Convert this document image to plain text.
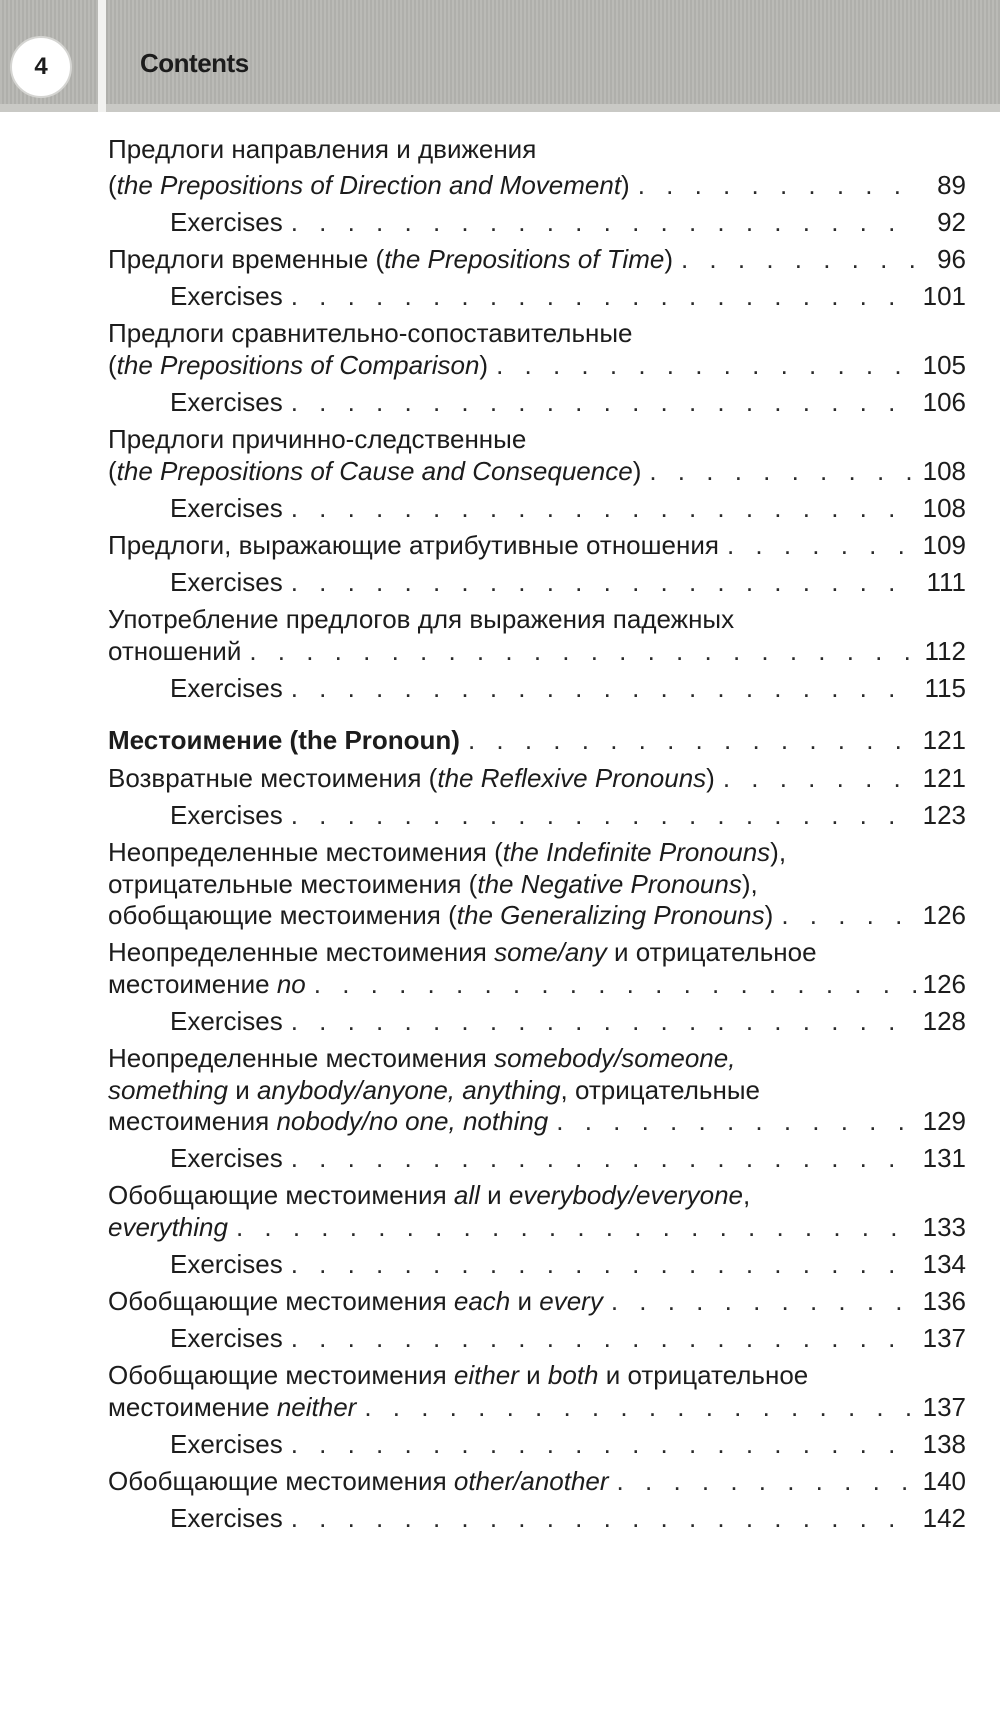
4	Contents
Предлоги направления и движения
(the Prepositions of Direction and Movement) . . .	89
Exercises . . .	92
Предлоги временные (the Prepositions of Time) . . .	96
Exercises . . .	101
Предлоги сравнительно-сопоставительные
(the Prepositions of Comparison) . . .	105
Exercises . . .	106
Предлоги причинно-следственные
(the Prepositions of Cause and Consequence) . . .	108
Exercises . . .	108
Предлоги, выражающие атрибутивные отношения . . .	109
Exercises . . .	111
Употребление предлогов для выражения падежных
отношений . . .	112
Exercises . . .	115
Местоимение (the Pronoun) . . .	121
Возвратные местоимения (the Reflexive Pronouns) . . .	121
Exercises . . .	123
Неопределенные местоимения (the Indefinite Pronouns),
отрицательные местоимения (the Negative Pronouns),
обобщающие местоимения (the Generalizing Pronouns) . . .	126
Неопределенные местоимения some/any и отрицательное
местоимение no . . .	126
Exercises . . .	128
Неопределенные местоимения somebody/someone,
something и anybody/anyone, anything, отрицательные
местоимения nobody/no one, nothing . . .	129
Exercises . . .	131
Обобщающие местоимения all и everybody/everyone,
everything . . .	133
Exercises . . .	134
Обобщающие местоимения each и every . . .	136
Exercises . . .	137
Обобщающие местоимения either и both и отрицательное
местоимение neither . . .	137
Exercises . . .	138
Обобщающие местоимения other/another . . .	140
Exercises . . .	142
